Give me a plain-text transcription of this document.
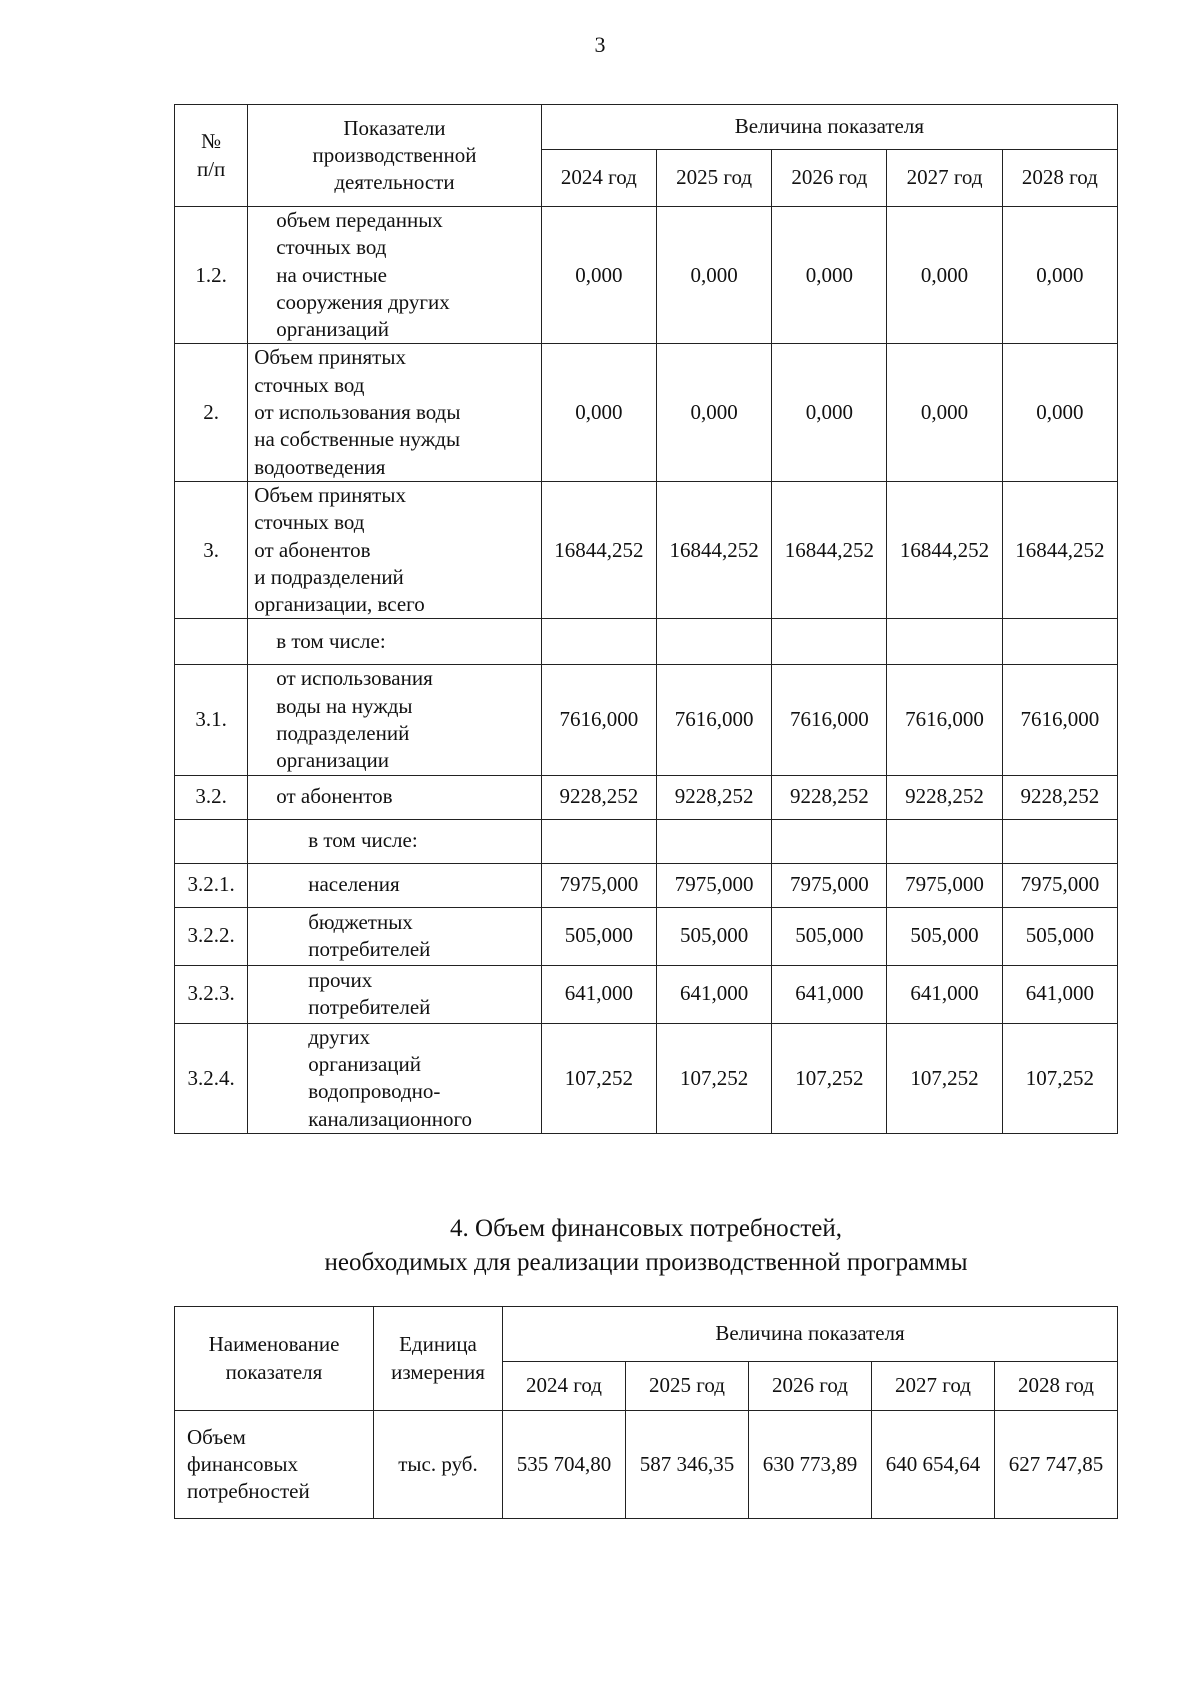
3
№
п/п	Показатели
производственной
деятельности	Величина показателя				
		2024 год	2025 год	2026 год	2027 год	2028 год
1.2.	объем переданных
сточных вод
на очистные
сооружения других
организаций	0,000	0,000	0,000	0,000	0,000
2.	Объем принятых
сточных вод
от использования воды
на собственные нужды
водоотведения	0,000	0,000	0,000	0,000	0,000
3.	Объем принятых
сточных вод
от абонентов
и подразделений
организации, всего	16844,252	16844,252	16844,252	16844,252	16844,252
	в том числе:					
3.1.	от использования
воды на нужды
подразделений
организации	7616,000	7616,000	7616,000	7616,000	7616,000
3.2.	от абонентов	9228,252	9228,252	9228,252	9228,252	9228,252
	в том числе:					
3.2.1.	населения	7975,000	7975,000	7975,000	7975,000	7975,000
3.2.2.	бюджетных
потребителей	505,000	505,000	505,000	505,000	505,000
3.2.3.	прочих
потребителей	641,000	641,000	641,000	641,000	641,000
3.2.4.	других
организаций
водопроводно-
канализационного	107,252	107,252	107,252	107,252	107,252
4. Объем финансовых потребностей,
необходимых для реализации производственной программы
Наименование
показателя	Единица
измерения	Величина показателя				
		2024 год	2025 год	2026 год	2027 год	2028 год
Объем
финансовых
потребностей	тыс. руб.	535 704,80	587 346,35	630 773,89	640 654,64	627 747,85
